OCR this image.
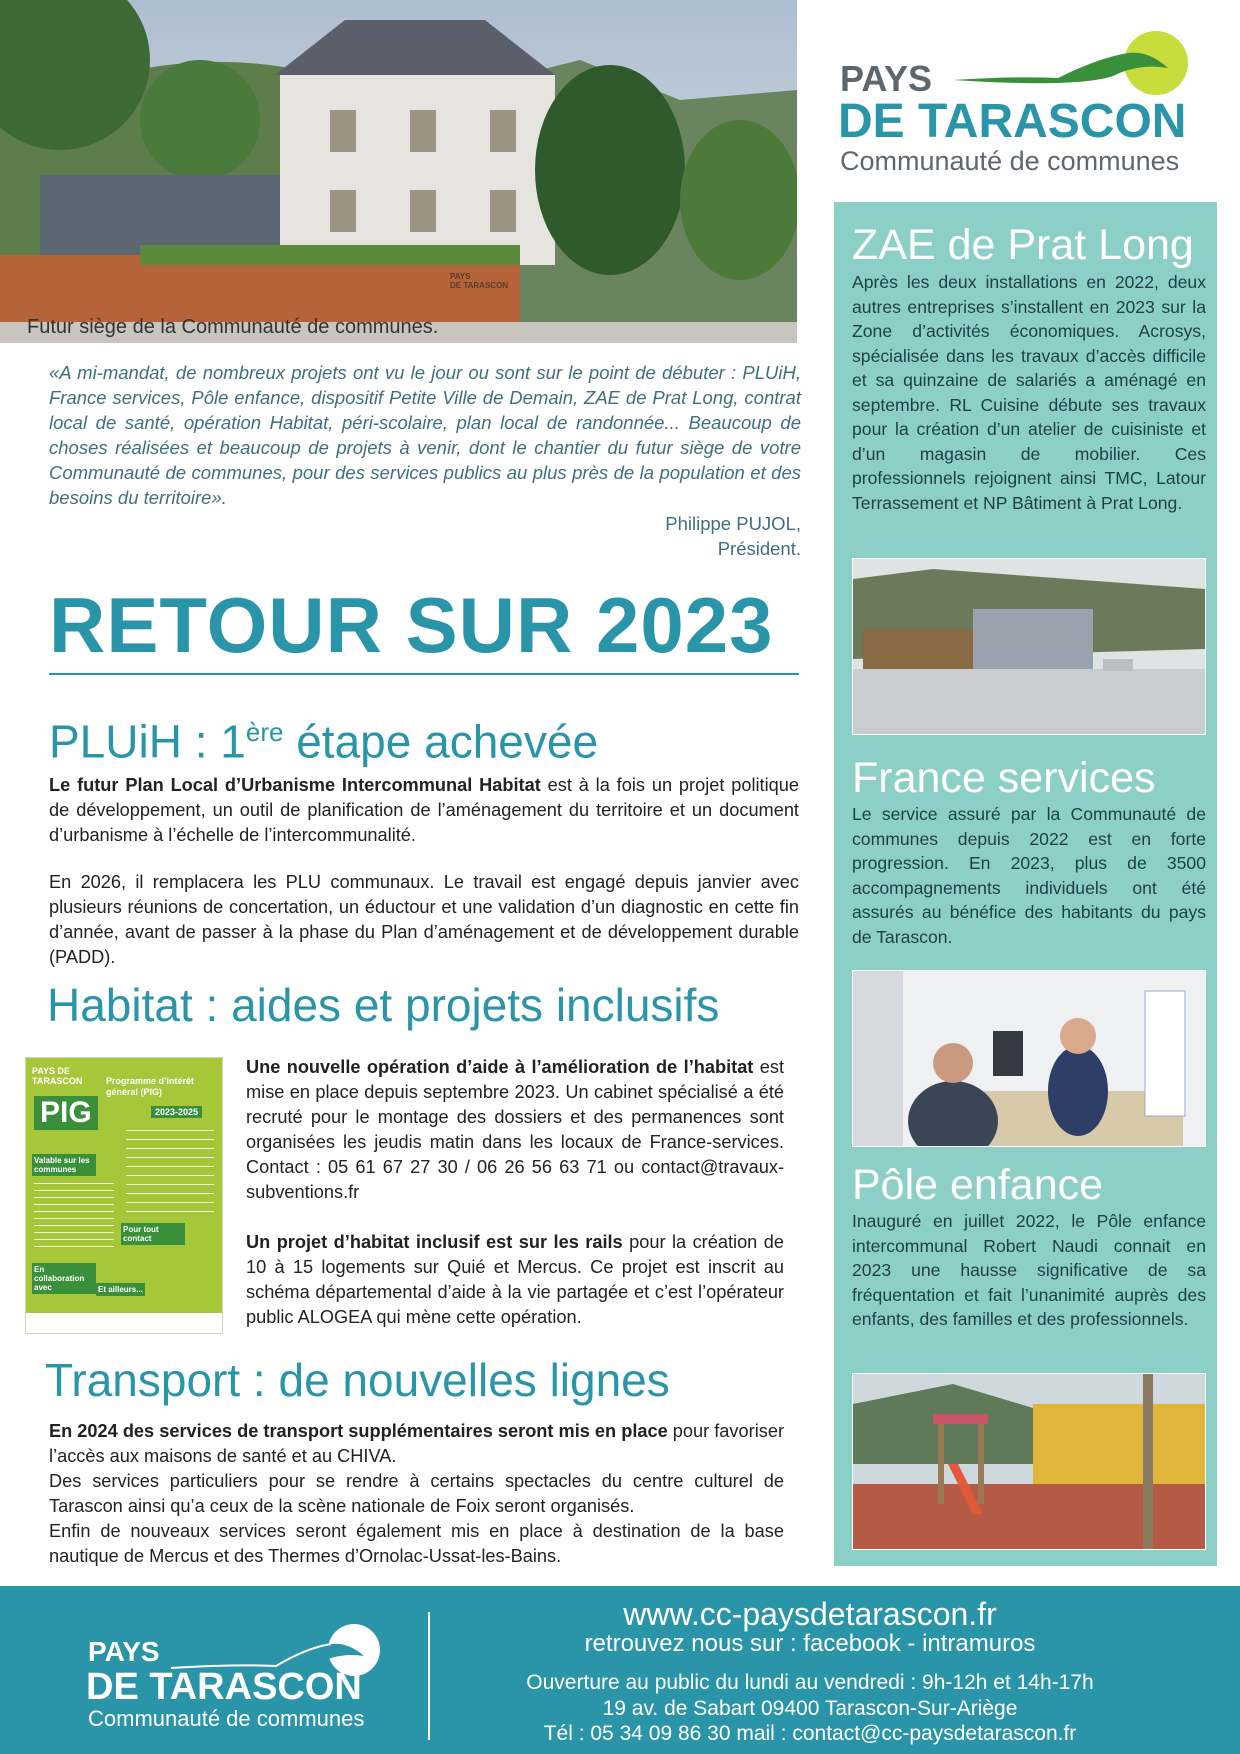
PAYS
DE TARASCON
Futur siège de la Communauté de communes.
PAYS
DE TARASCON
Communauté de communes
«A mi-mandat, de nombreux projets ont vu le jour ou sont sur le point de débuter : PLUiH, France services, Pôle enfance, dispositif Petite Ville de Demain, ZAE de Prat Long, contrat local de santé, opération Habitat, péri-scolaire, plan local de randonnée... Beaucoup de choses réalisées et beaucoup de projets à venir, dont le chantier du futur siège de votre Communauté de communes, pour des services publics au plus près de la population et des besoins du territoire».
Philippe PUJOL,
Président.
RETOUR SUR 2023
PLUiH : 1ère étape achevée
Le futur Plan Local d’Urbanisme Intercommunal Habitat est à la fois un projet politique de développement, un outil de planification de l’aménagement du territoire et un document d’urbanisme à l’échelle de l’intercommunalité.
En 2026, il remplacera les PLU communaux. Le travail est engagé depuis janvier avec plusieurs réunions de concertation, un éductour et une validation d’un diagnostic en cette fin d’année, avant de passer à la phase du Plan d’aménagement et de développement durable (PADD).
Habitat : aides et projets inclusifs
PAYS DE TARASCON
PIG
Programme d’intérêt général (PIG)
2023-2025
Valable sur les communes
En collaboration avec
Pour tout contact
Et ailleurs...
Une nouvelle opération d’aide à l’amélioration de l’habitat est mise en place depuis septembre 2023. Un cabinet spécialisé a été recruté pour le montage des dossiers et des permanences sont organisées les jeudis matin dans les locaux de France-services. Contact : 05 61 67 27 30 / 06 26 56 63 71 ou contact@travaux-subventions.fr
Un projet d’habitat inclusif est sur les rails pour la création de 10 à 15 logements sur Quié et Mercus. Ce projet est inscrit au schéma départemental d’aide à la vie partagée et c’est l’opérateur public ALOGEA qui mène cette opération.
Transport : de nouvelles lignes
En 2024 des services de transport supplémentaires seront mis en place pour favoriser l’accès aux maisons de santé et au CHIVA.
Des services particuliers pour se rendre à certains spectacles du centre culturel de Tarascon ainsi qu’a ceux de la scène nationale de Foix seront organisés.
Enfin de nouveaux services seront également mis en place à destination de la base nautique de Mercus et des Thermes d’Ornolac-Ussat-les-Bains.
ZAE de Prat Long
Après les deux installations en 2022, deux autres entreprises s’installent en 2023 sur la Zone d’activités économiques. Acrosys, spécialisée dans les travaux d’accès difficile et sa quinzaine de salariés a aménagé en septembre. RL Cuisine débute ses travaux pour la création d’un atelier de cuisiniste et d’un magasin de mobilier. Ces professionnels rejoignent ainsi TMC, Latour Terrassement et NP Bâtiment à Prat Long.
France services
Le service assuré par la Communauté de communes depuis 2022 est en forte progression. En 2023, plus de 3500 accompagnements individuels ont été assurés au bénéfice des habitants du pays de Tarascon.
Pôle enfance
Inauguré en juillet 2022, le Pôle enfance intercommunal Robert Naudi connait en 2023 une hausse significative de sa fréquentation et fait l’unanimité auprès des enfants, des familles et des professionnels.
PAYS
DE TARASCON
Communauté de communes
www.cc-paysdetarascon.fr
retrouvez nous sur : facebook - intramuros
Ouverture au public du lundi au vendredi : 9h-12h et 14h-17h
19 av. de Sabart 09400 Tarascon-Sur-Ariège
Tél : 05 34 09 86 30 mail : contact@cc-paysdetarascon.fr
